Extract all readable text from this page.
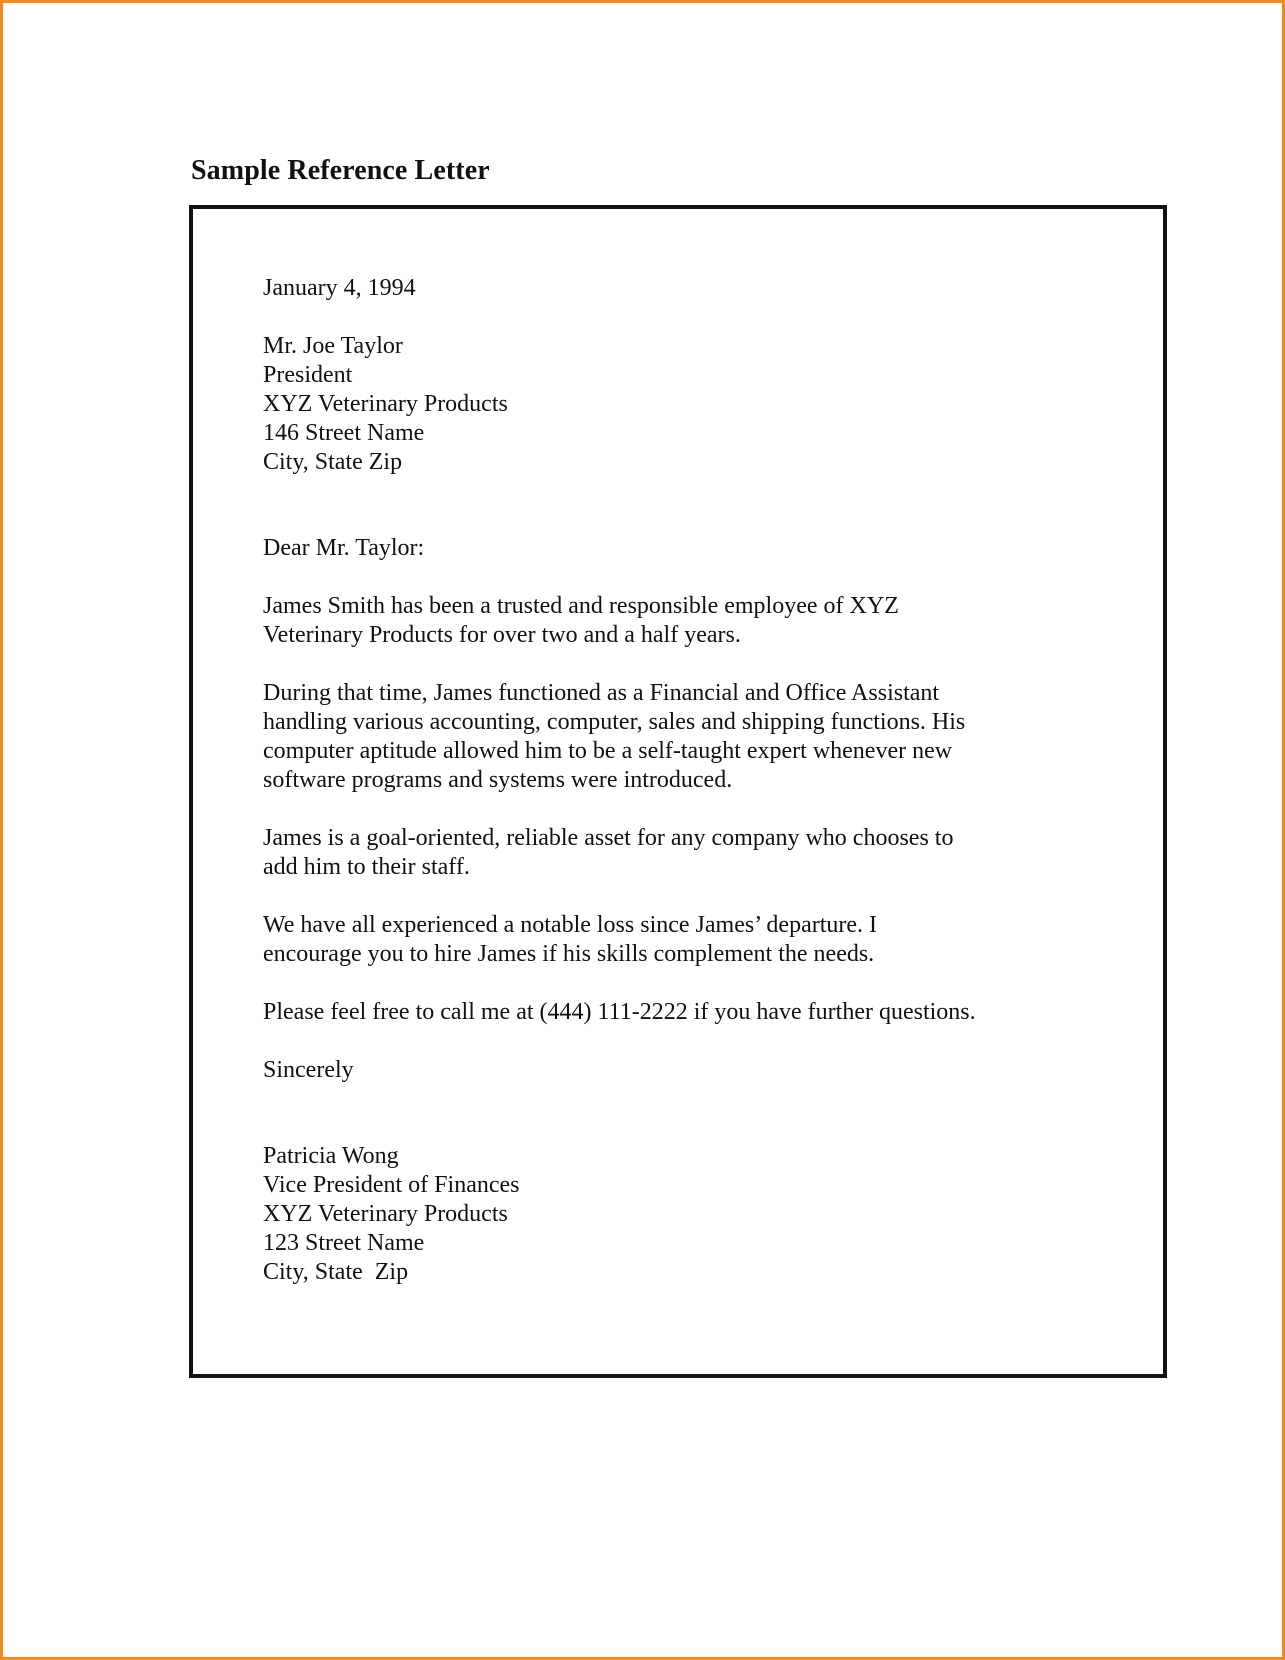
Sample Reference Letter
January 4, 1994
Mr. Joe Taylor
President
XYZ Veterinary Products
146 Street Name
City, State Zip
Dear Mr. Taylor:
James Smith has been a trusted and responsible employee of XYZ
Veterinary Products for over two and a half years.
During that time, James functioned as a Financial and Office Assistant
handling various accounting, computer, sales and shipping functions. His
computer aptitude allowed him to be a self-taught expert whenever new
software programs and systems were introduced.
James is a goal-oriented, reliable asset for any company who chooses to
add him to their staff.
We have all experienced a notable loss since James’ departure. I
encourage you to hire James if his skills complement the needs.
Please feel free to call me at (444) 111-2222 if you have further questions.
Sincerely
Patricia Wong
Vice President of Finances
XYZ Veterinary Products
123 Street Name
City, State  Zip
